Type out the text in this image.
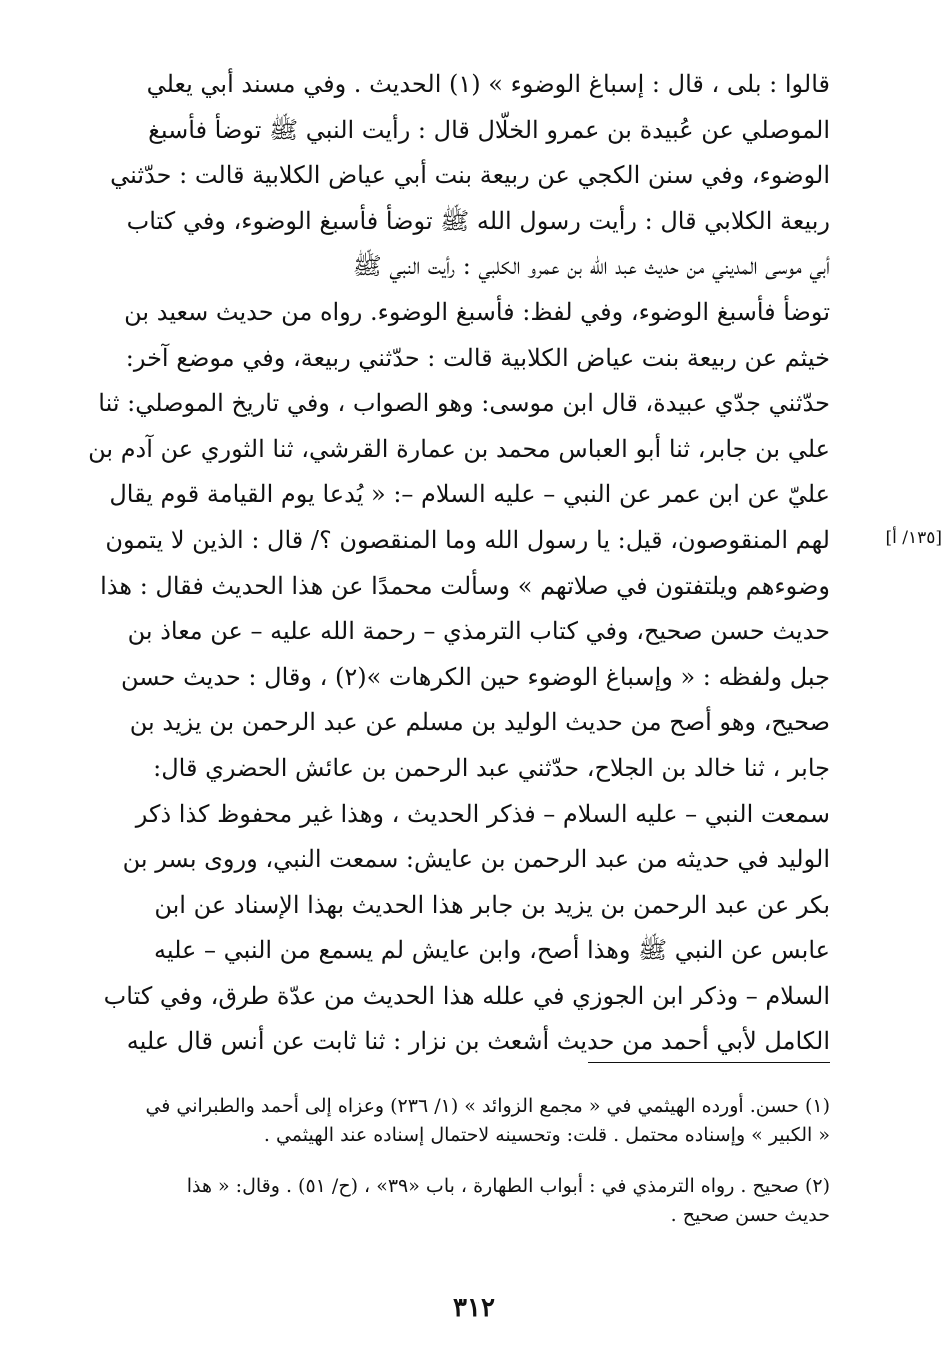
قالوا : بلى ، قال : إسباغ الوضوء » (١) الحديث . وفي مسند أبي يعلي
الموصلي عن عُبيدة بن عمرو الخلّال قال : رأيت النبي ﷺ توضأ فأسبغ
الوضوء، وفي سنن الكجي عن ربيعة بنت أبي عياض الكلابية قالت : حدّثني
ربيعة الكلابي قال : رأيت رسول الله ﷺ توضأ فأسبغ الوضوء، وفي كتاب
أبي موسى المديني من حديث عبد الله بن عمرو الكلبي : رأيت النبي ﷺ
توضأ فأسبغ الوضوء، وفي لفظ: فأسبغ الوضوء. رواه من حديث سعيد بن
خيثم عن ربيعة بنت عياض الكلابية قالت : حدّثني ربيعة، وفي موضع آخر:
حدّثني جدّي عبيدة، قال ابن موسى: وهو الصواب ، وفي تاريخ الموصلي: ثنا
علي بن جابر، ثنا أبو العباس محمد بن عمارة القرشي، ثنا الثوري عن آدم بن
عليّ عن ابن عمر عن النبي – عليه السلام –: « يُدعا يوم القيامة قوم يقال
لهم المنقوصون، قيل: يا رسول الله وما المنقصون ؟/ قال : الذين لا يتمون
وضوءهم ويلتفتون في صلاتهم » وسألت محمدًا عن هذا الحديث فقال : هذا
حديث حسن صحيح، وفي كتاب الترمذي – رحمة الله عليه – عن معاذ بن
جبل ولفظه : « وإسباغ الوضوء حين الكرهات »(٢) ، وقال : حديث حسن
صحيح، وهو أصح من حديث الوليد بن مسلم عن عبد الرحمن بن يزيد بن
جابر ، ثنا خالد بن الجلاح، حدّثني عبد الرحمن بن عائش الحضري قال:
سمعت النبي – عليه السلام – فذكر الحديث ، وهذا غير محفوظ كذا ذكر
الوليد في حديثه من عبد الرحمن بن عايش: سمعت النبي، وروى بسر بن
بكر عن عبد الرحمن بن يزيد بن جابر هذا الحديث بهذا الإسناد عن ابن
عابس عن النبي ﷺ وهذا أصح، وابن عايش لم يسمع من النبي – عليه
السلام – وذكر ابن الجوزي في علله هذا الحديث من عدّة طرق، وفي كتاب
الكامل لأبي أحمد من حديث أشعث بن نزار : ثنا ثابت عن أنس قال عليه
[١٣٥/ أ]
(١) حسن. أورده الهيثمي في « مجمع الزوائد » (١/ ٢٣٦) وعزاه إلى أحمد والطبراني في
« الكبير » وإسناده محتمل . قلت: وتحسينه لاحتمال إسناده عند الهيثمي .
(٢) صحيح . رواه الترمذي في : أبواب الطهارة ، باب «٣٩» ، (ح/ ٥١) . وقال: « هذا
حديث حسن صحيح .
٣١٢
